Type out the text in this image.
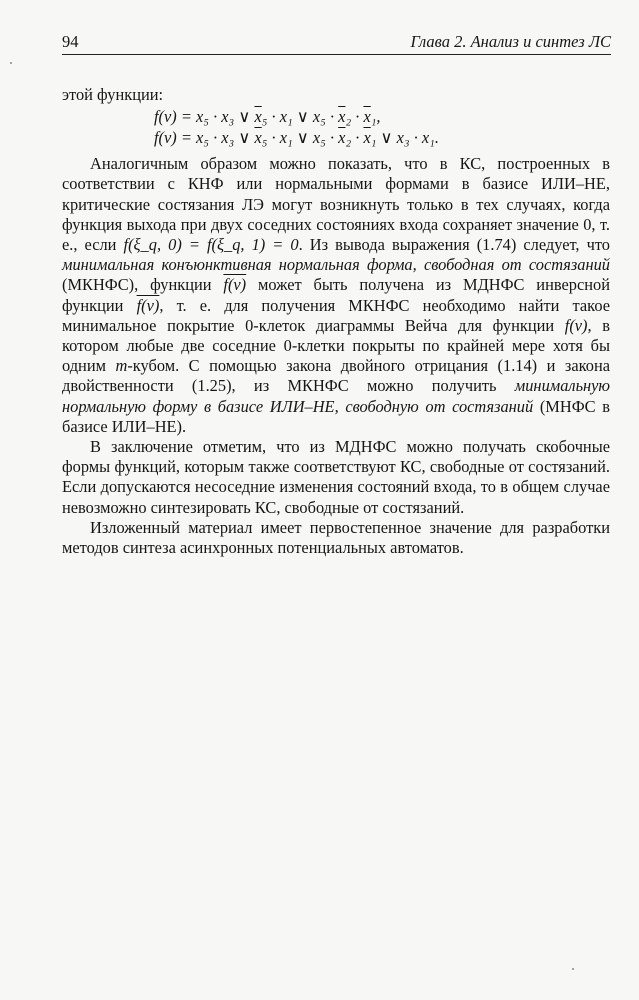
94	Глава 2. Анализ и синтез ЛС

этой функции:

f(ν) = x₅ · x₃ ∨ $\overline{x}_5 \cdot x_1$ ∨ $x_5 \cdot \overline{x}_2 \cdot \overline{x}_1$,
f(ν) = x₅ · x₃ ∨ $\overline{x}_5 \cdot x_1$ ∨ $x_5 \cdot \overline{x}_2 \cdot \overline{x}_1$ ∨ x₃ · x₁.

Аналогичным образом можно показать, что в КС, построенных в соответствии с КНФ или нормальными формами в базисе ИЛИ–НЕ, критические состязания ЛЭ могут возникнуть только в тех случаях, когда функция выхода при двух соседних состояниях входа сохраняет значение 0, т. е., если f(ξ_q, 0) = f(ξ_q, 1) = 0. Из вывода выражения (1.74) следует, что минимальная конъюнктивная нормальная форма, свободная от состязаний (МКНФС), функции f(ν) может быть получена из МДНФС инверсной функции f(ν), т. е. для получения МКНФС необходимо найти такое минимальное покрытие 0-клеток диаграммы Вейча для функции f(ν), в котором любые две соседние 0-клетки покрыты по крайней мере хотя бы одним m-кубом. С помощью закона двойного отрицания (1.14) и закона двойственности (1.25), из МКНФС можно получить минимальную нормальную форму в базисе ИЛИ–НЕ, свободную от состязаний (МНФС в базисе ИЛИ–НЕ).

В заключение отметим, что из МДНФС можно получать скобочные формы функций, которым также соответствуют КС, свободные от состязаний. Если допускаются несоседние изменения состояний входа, то в общем случае невозможно синтезировать КС, свободные от состязаний.

Изложенный материал имеет первостепенное значение для разработки методов синтеза асинхронных потенциальных автоматов.
